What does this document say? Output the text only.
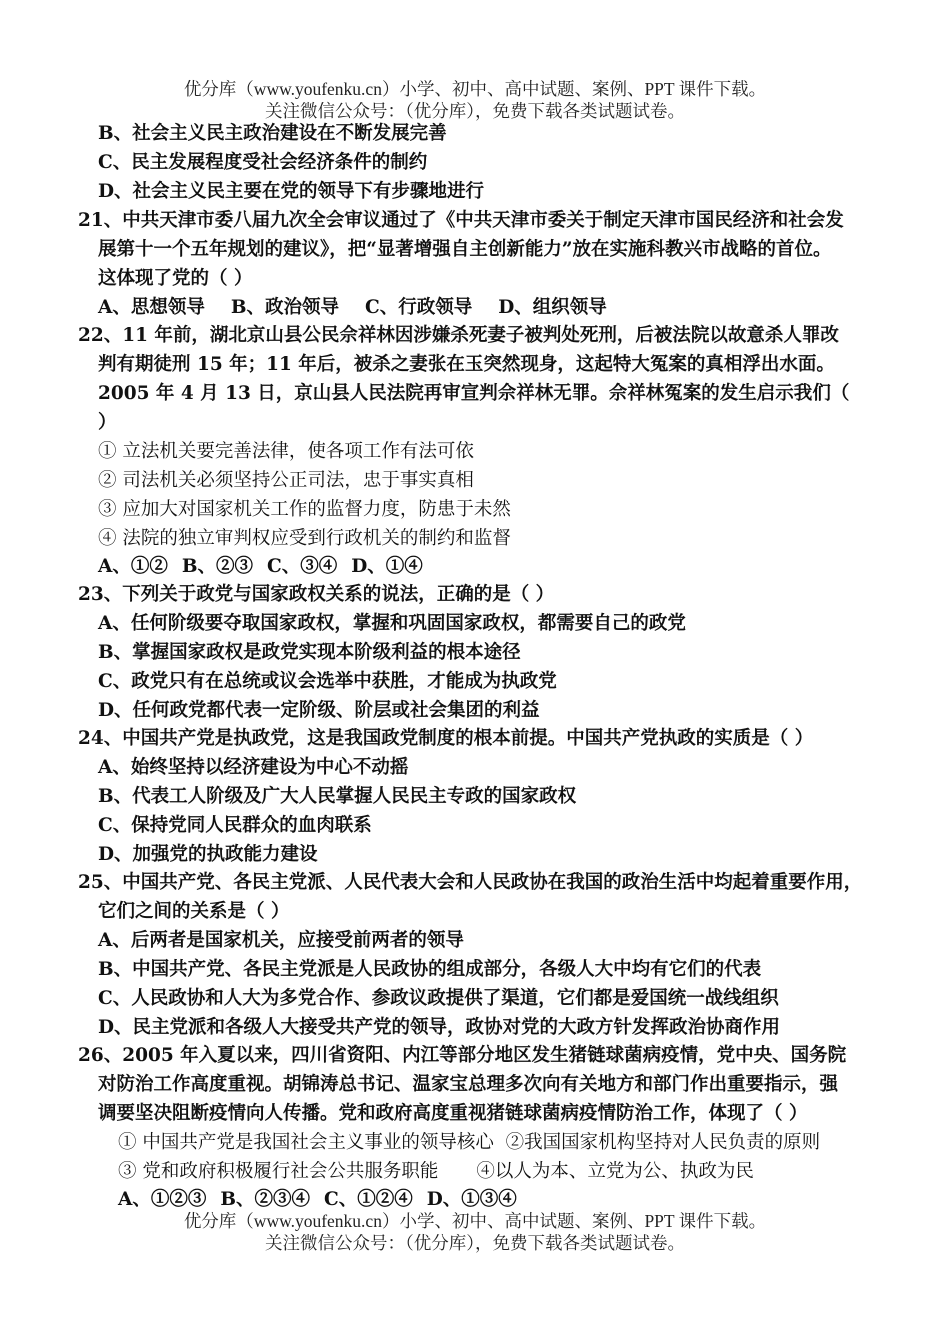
优分库（www.youfenku.cn）小学、初中、高中试题、案例、PPT 课件下载。
关注微信公众号：（优分库），免费下载各类试题试卷。
B、社会主义民主政治建设在不断发展完善
C、民主发展程度受社会经济条件的制约
D、社会主义民主要在党的领导下有步骤地进行
21、中共天津市委八届九次全会审议通过了《中共天津市委关于制定天津市国民经济和社会发
展第十一个五年规划的建议》，把“显著增强自主创新能力”放在实施科教兴市战略的首位。
这体现了党的（ ）
A、思想领导 B、政治领导 C、行政领导 D、组织领导
22、11 年前，湖北京山县公民佘祥林因涉嫌杀死妻子被判处死刑，后被法院以故意杀人罪改
判有期徒刑 15 年；11 年后，被杀之妻张在玉突然现身，这起特大冤案的真相浮出水面。
2005 年 4 月 13 日，京山县人民法院再审宣判佘祥林无罪。佘祥林冤案的发生启示我们（
）
① 立法机关要完善法律，使各项工作有法可依
② 司法机关必须坚持公正司法，忠于事实真相
③ 应加大对国家机关工作的监督力度，防患于未然
④ 法院的独立审判权应受到行政机关的制约和监督
A、①② B、②③ C、③④ D、①④
23、下列关于政党与国家政权关系的说法，正确的是（ ）
A、任何阶级要夺取国家政权，掌握和巩固国家政权，都需要自己的政党
B、掌握国家政权是政党实现本阶级利益的根本途径
C、政党只有在总统或议会选举中获胜，才能成为执政党
D、任何政党都代表一定阶级、阶层或社会集团的利益
24、中国共产党是执政党，这是我国政党制度的根本前提。中国共产党执政的实质是（ ）
A、始终坚持以经济建设为中心不动摇
B、代表工人阶级及广大人民掌握人民民主专政的国家政权
C、保持党同人民群众的血肉联系
D、加强党的执政能力建设
25、中国共产党、各民主党派、人民代表大会和人民政协在我国的政治生活中均起着重要作用，
它们之间的关系是（ ）
A、后两者是国家机关，应接受前两者的领导
B、中国共产党、各民主党派是人民政协的组成部分，各级人大中均有它们的代表
C、人民政协和人大为多党合作、参政议政提供了渠道，它们都是爱国统一战线组织
D、民主党派和各级人大接受共产党的领导，政协对党的大政方针发挥政治协商作用
26、2005 年入夏以来，四川省资阳、内江等部分地区发生猪链球菌病疫情，党中央、国务院
对防治工作高度重视。胡锦涛总书记、温家宝总理多次向有关地方和部门作出重要指示，强
调要坚决阻断疫情向人传播。党和政府高度重视猪链球菌病疫情防治工作，体现了（ ）
① 中国共产党是我国社会主义事业的领导核心 ②我国国家机构坚持对人民负责的原则
③ 党和政府积极履行社会公共服务职能 ④以人为本、立党为公、执政为民
A、①②③ B、②③④ C、①②④ D、①③④
优分库（www.youfenku.cn）小学、初中、高中试题、案例、PPT 课件下载。
关注微信公众号：（优分库），免费下载各类试题试卷。
